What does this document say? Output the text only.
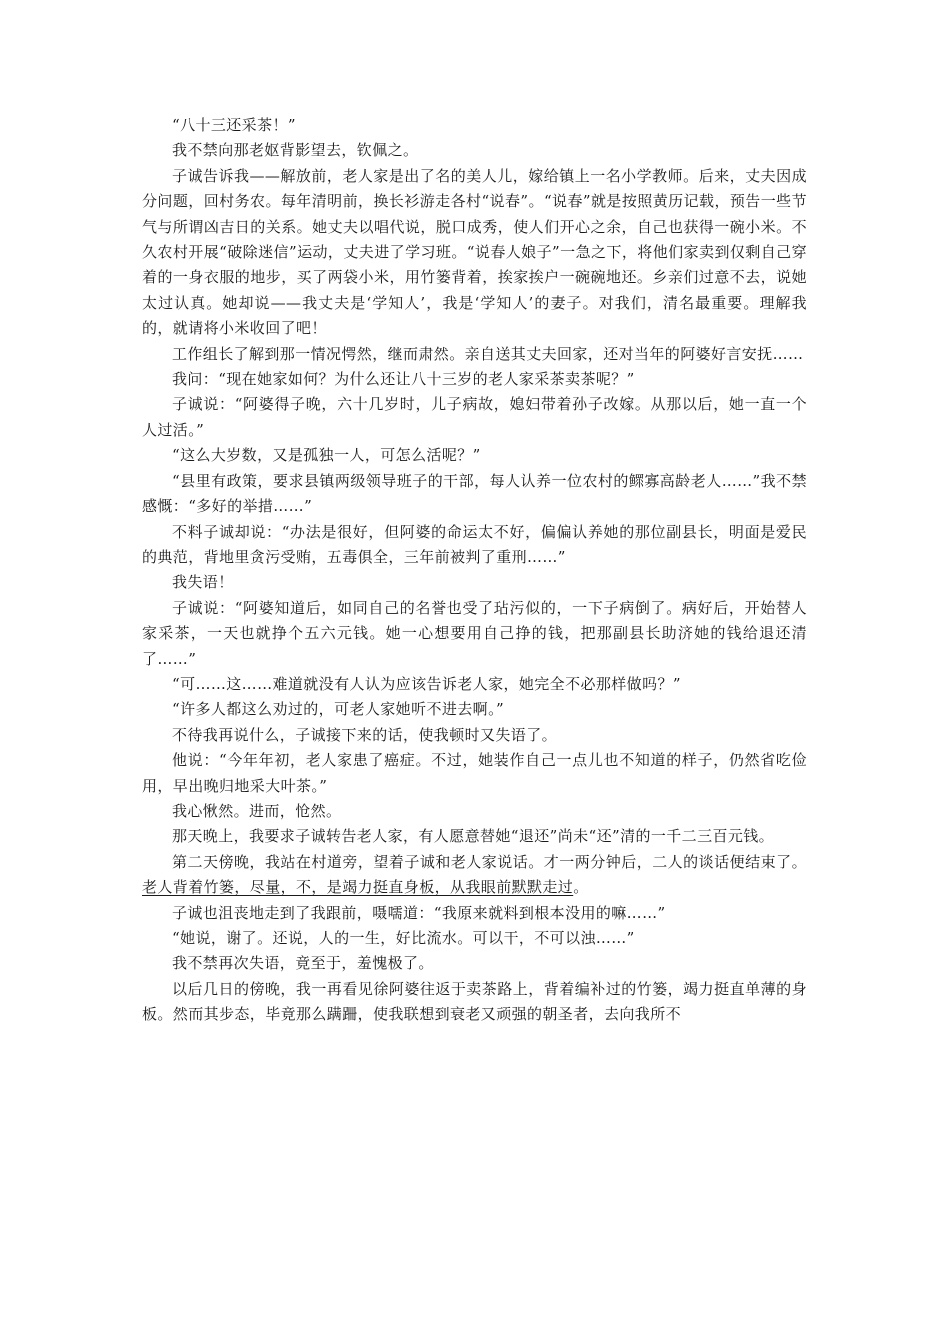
“八十三还采茶！”

我不禁向那老妪背影望去，钦佩之。

子诚告诉我——解放前，老人家是出了名的美人儿，嫁给镇上一名小学教师。后来，丈夫因成分问题，回村务农。每年清明前，换长衫游走各村“说春”。“说春”就是按照黄历记载，预告一些节气与所谓凶吉日的关系。她丈夫以唱代说，脱口成秀，使人们开心之余，自己也获得一碗小米。不久农村开展“破除迷信”运动，丈夫进了学习班。“说春人娘子”一急之下，将他们家卖到仅剩自己穿着的一身衣服的地步，买了两袋小米，用竹篓背着，挨家挨户一碗碗地还。乡亲们过意不去，说她太过认真。她却说——我丈夫是‘学知人’，我是‘学知人’的妻子。对我们，清名最重要。理解我的，就请将小米收回了吧！

工作组长了解到那一情况愕然，继而肃然。亲自送其丈夫回家，还对当年的阿婆好言安抚……

我问：“现在她家如何？为什么还让八十三岁的老人家采茶卖茶呢？”

子诚说：“阿婆得子晚，六十几岁时，儿子病故，媳妇带着孙子改嫁。从那以后，她一直一个人过活。”

“这么大岁数，又是孤独一人，可怎么活呢？”

“县里有政策，要求县镇两级领导班子的干部，每人认养一位农村的鳏寡高龄老人……”我不禁感慨：“多好的举措……”

不料子诚却说：“办法是很好，但阿婆的命运太不好，偏偏认养她的那位副县长，明面是爱民的典范，背地里贪污受贿，五毒俱全，三年前被判了重刑……”

我失语！

子诚说：“阿婆知道后，如同自己的名誉也受了玷污似的，一下子病倒了。病好后，开始替人家采茶，一天也就挣个五六元钱。她一心想要用自己挣的钱，把那副县长助济她的钱给退还清了……”

“可……这……难道就没有人认为应该告诉老人家，她完全不必那样做吗？”

“许多人都这么劝过的，可老人家她听不进去啊。”

不待我再说什么，子诚接下来的话，使我顿时又失语了。

他说：“今年年初，老人家患了癌症。不过，她装作自己一点儿也不知道的样子，仍然省吃俭用，早出晚归地采大叶茶。”

我心愀然。进而，怆然。

那天晚上，我要求子诚转告老人家，有人愿意替她“退还”尚未“还”清的一千二三百元钱。

第二天傍晚，我站在村道旁，望着子诚和老人家说话。才一两分钟后，二人的谈话便结束了。老人背着竹篓，尽量，不，是竭力挺直身板，从我眼前默默走过。

子诚也沮丧地走到了我跟前，嗫嚅道：“我原来就料到根本没用的嘛……”

“她说，谢了。还说，人的一生，好比流水。可以干，不可以浊……”

我不禁再次失语，竟至于，羞愧极了。

以后几日的傍晚，我一再看见徐阿婆往返于卖茶路上，背着编补过的竹篓，竭力挺直单薄的身板。然而其步态，毕竟那么蹒跚，使我联想到衰老又顽强的朝圣者，去向我所不
